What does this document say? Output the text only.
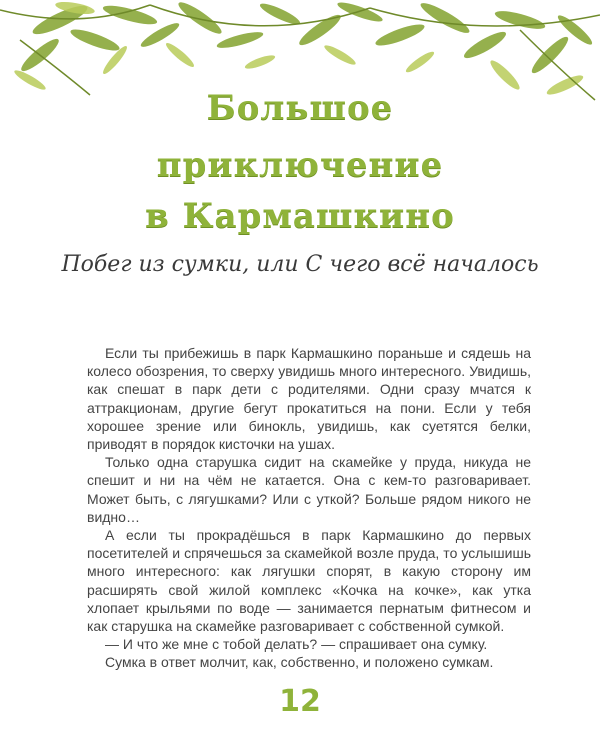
Большое
приключение
в Кармашкино
Побег из сумки, или С чего всё началось

Если ты прибежишь в парк Кармашкино пораньше и сядешь на колесо обозрения, то сверху увидишь много интересного. Увидишь, как спешат в парк дети с родителями. Одни сразу мчатся к аттракционам, другие бегут прокатиться на пони. Если у тебя хорошее зрение или бинокль, увидишь, как суетятся белки, приводят в порядок кисточки на ушах.

Только одна старушка сидит на скамейке у пруда, никуда не спешит и ни на чём не катается. Она с кем-то разговаривает. Может быть, с лягушками? Или с уткой? Больше рядом никого не видно…

А если ты прокрадёшься в парк Кармашкино до первых посетителей и спрячешься за скамейкой возле пруда, то услышишь много интересного: как лягушки спорят, в какую сторону им расширять свой жилой комплекс «Кочка на кочке», как утка хлопает крыльями по воде — занимается пернатым фитнесом и как старушка на скамейке разговаривает с собственной сумкой.

— И что же мне с тобой делать? — спрашивает она сумку.

Сумка в ответ молчит, как, собственно, и положено сумкам.

12
